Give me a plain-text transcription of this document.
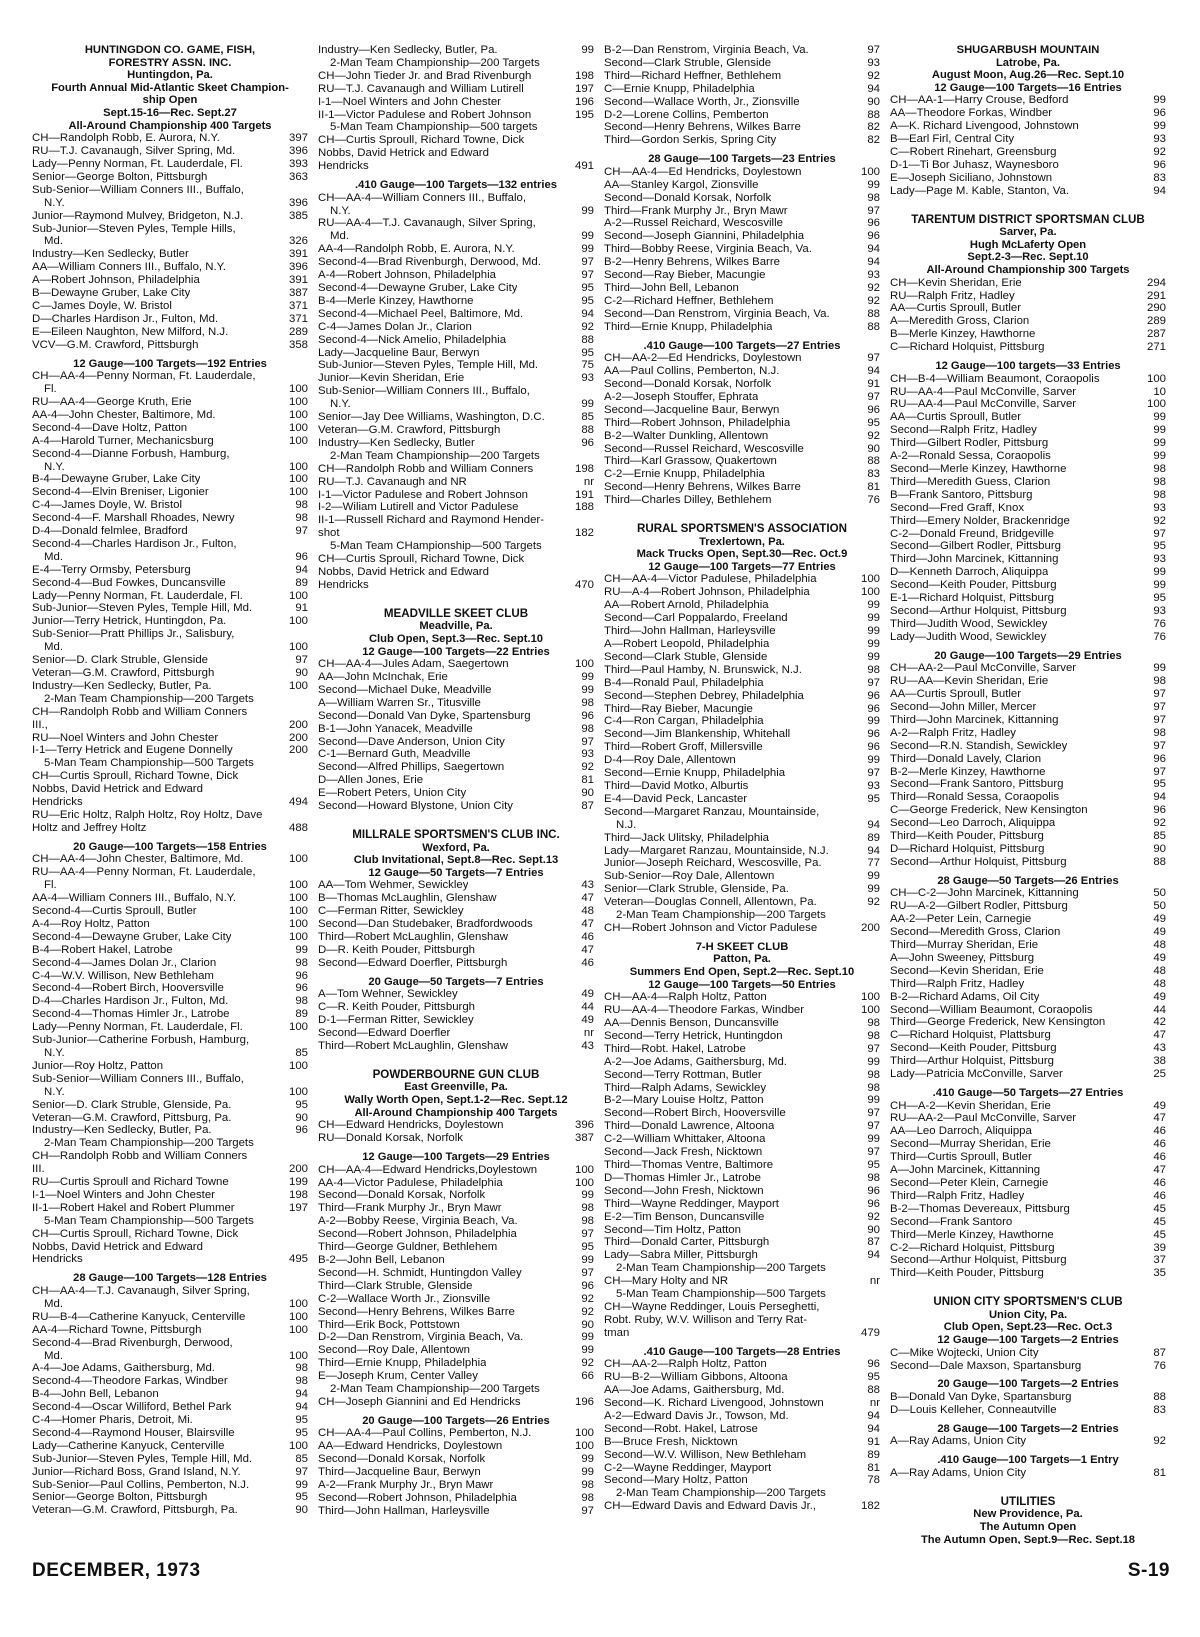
HUNTINGDON CO. GAME, FISH,
FORESTRY ASSN. INC.
Huntingdon, Pa.
Fourth Annual Mid-Atlantic Skeet Champion-
ship Open
Sept.15-16—Rec. Sept.27
All-Around Championship 400 Targets
CH—Randolph Robb, E. Aurora, N.Y.	397
RU—T.J. Cavanaugh, Silver Spring, Md.	396
Lady—Penny Norman, Ft. Lauderdale, Fl.	393
Senior—George Bolton, Pittsburgh	363
Sub-Senior—William Conners III., Buffalo,
N.Y.	396
Junior—Raymond Mulvey, Bridgeton, N.J.	385
Sub-Junior—Steven Pyles, Temple Hills,
Md.	326
Industry—Ken Sedlecky, Butler	391
AA—William Conners III., Buffalo, N.Y.	396
A—Robert Johnson, Philadelphia	391
B—Dewayne Gruber, Lake City	387
C—James Doyle, W. Bristol	371
D—Charles Hardison Jr., Fulton, Md.	371
E—Eileen Naughton, New Milford, N.J.	289
VCV—G.M. Crawford, Pittsburgh	358
12 Gauge—100 Targets—192 Entries
CH—AA-4—Penny Norman, Ft. Lauderdale,
Fl.	100
RU—AA-4—George Kruth, Erie	100
AA-4—John Chester, Baltimore, Md.	100
Second-4—Dave Holtz, Patton	100
A-4—Harold Turner, Mechanicsburg	100
Second-4—Dianne Forbush, Hamburg,
N.Y.	100
B-4—Dewayne Gruber, Lake City	100
Second-4—Elvin Breniser, Ligonier	100
C-4—James Doyle, W. Bristol	98
Second-4—F. Marshall Rhoades, Newry	98
D-4—Donald felmlee, Bradford	97
Second-4—Charles Hardison Jr., Fulton,
Md.	96
E-4—Terry Ormsby, Petersburg	94
Second-4—Bud Fowkes, Duncansville	89
Lady—Penny Norman, Ft. Lauderdale, Fl.	100
Sub-Junior—Steven Pyles, Temple Hill, Md.	91
Junior—Terry Hetrick, Huntingdon, Pa.	100
Sub-Senior—Pratt Phillips Jr., Salisbury,
Md.	100
Senior—D. Clark Struble, Glenside	97
Veteran—G.M. Crawford, Pittsburgh	90
Industry—Ken Sedlecky, Butler, Pa.	100
2-Man Team Championship—200 Targets
CH—Randolph Robb and William Conners
III.,	200
RU—Noel Winters and John Chester	200
I-1—Terry Hetrick and Eugene Donnelly	200
5-Man Team Championship—500 Targets
CH—Curtis Sproull, Richard Towne, Dick
Nobbs, David Hetrick and Edward
Hendricks	494
RU—Eric Holtz, Ralph Holtz, Roy Holtz, Dave
Holtz and Jeffrey Holtz	488
20 Gauge—100 Targets—158 Entries
CH—AA-4—John Chester, Baltimore, Md.	100
RU—AA-4—Penny Norman, Ft. Lauderdale,
Fl.	100
AA-4—William Conners III., Buffalo, N.Y.	100
Second-4—Curtis Sproull, Butler	100
A-4—Roy Holtz, Patton	100
Second-4—Dewayne Gruber, Lake City	100
B-4—Robert Hakel, Latrobe	99
Second-4—James Dolan Jr., Clarion	98
C-4—W.V. Willison, New Bethleham	96
Second-4—Robert Birch, Hooversville	96
D-4—Charles Hardison Jr., Fulton, Md.	98
Second-4—Thomas Himler Jr., Latrobe	89
Lady—Penny Norman, Ft. Lauderdale, Fl.	100
Sub-Junior—Catherine Forbush, Hamburg,
N.Y.	85
Junior—Roy Holtz, Patton	100
Sub-Senior—William Conners III., Buffalo,
N.Y.	100
Senior—D. Clark Struble, Glenside, Pa.	95
Veteran—G.M. Crawford, Pittsburg, Pa.	90
Industry—Ken Sedlecky, Butler, Pa.	96
2-Man Team Championship—200 Targets
CH—Randolph Robb and William Conners
III.	200
RU—Curtis Sproull and Richard Towne	199
I-1—Noel Winters and John Chester	198
II-1—Robert Hakel and Robert Plummer	197
5-Man Team Championship—500 Targets
CH—Curtis Sproull, Richard Towne, Dick
Nobbs, David Hetrick and Edward
Hendricks	495
28 Gauge—100 Targets—128 Entries
CH—AA-4—T.J. Cavanaugh, Silver Spring,
Md.	100
RU—B-4—Catherine Kanyuck, Centerville	100
AA-4—Richard Towne, Pittsburgh	100
Second-4—Brad Rivenburgh, Derwood,
Md.	100
A-4—Joe Adams, Gaithersburg, Md.	98
Second-4—Theodore Farkas, Windber	98
B-4—John Bell, Lebanon	94
Second-4—Oscar Williford, Bethel Park	94
C-4—Homer Pharis, Detroit, Mi.	95
Second-4—Raymond Houser, Blairsville	95
Lady—Catherine Kanyuck, Centerville	100
Sub-Junior—Steven Pyles, Temple Hill, Md.	85
Junior—Richard Boss, Grand Island, N.Y.	97
Sub-Senior—Paul Collins, Pemberton, N.J.	99
Senior—George Bolton, Pittsburgh	95
Veteran—G.M. Crawford, Pittsburgh, Pa.	90
Industry—Ken Sedlecky, Butler, Pa.	99
2-Man Team Championship—200 Targets
CH—John Tieder Jr. and Brad Rivenburgh	198
RU—T.J. Cavanaugh and William Lutirell	197
I-1—Noel Winters and John Chester	196
II-1—Victor Padulese and Robert Johnson	195
5-Man Team Championship—500 targets
CH—Curtis Sproull, Richard Towne, Dick
Nobbs, David Hetrick and Edward
Hendricks	491
.410 Gauge—100 Targets—132 entries
CH—AA-4—William Conners III., Buffalo,
N.Y.	99
RU—AA-4—T.J. Cavanaugh, Silver Spring,
Md.	99
AA-4—Randolph Robb, E. Aurora, N.Y.	99
Second-4—Brad Rivenburgh, Derwood, Md.	97
A-4—Robert Johnson, Philadelphia	97
Second-4—Dewayne Gruber, Lake City	95
B-4—Merle Kinzey, Hawthorne	95
Second-4—Michael Peel, Baltimore, Md.	94
C-4—James Dolan Jr., Clarion	92
Second-4—Nick Amelio, Philadelphia	88
Lady—Jacqueline Baur, Berwyn	95
Sub-Junior—Steven Pyles, Temple Hill, Md.	75
Junior—Kevin Sheridan, Erie	93
Sub-Senior—William Conners III., Buffalo,
N.Y.	99
Senior—Jay Dee Williams, Washington, D.C.	85
Veteran—G.M. Crawford, Pittsburgh	88
Industry—Ken Sedlecky, Butler	96
2-Man Team Championship—200 Targets
CH—Randolph Robb and William Conners	198
RU—T.J. Cavanaugh and NR	nr
I-1—Victor Padulese and Robert Johnson	191
I-2—Wiliam Lutirell and Victor Padulese	188
II-1—Russell Richard and Raymond Hender-
shot	182
5-Man Team CHampionship—500 Targets
CH—Curtis Sproull, Richard Towne, Dick
Nobbs, David Hetrick and Edward
Hendricks	470
MEADVILLE SKEET CLUB
Meadville, Pa.
Club Open, Sept.3—Rec. Sept.10
12 Gauge—100 Targets—22 Entries
CH—AA-4—Jules Adam, Saegertown	100
AA—John McInchak, Erie	99
Second—Michael Duke, Meadville	99
A—William Warren Sr., Titusville	98
Second—Donald Van Dyke, Spartensburg	96
B-1—John Yanacek, Meadville	98
Second—Dave Anderson, Union City	97
C-1—Bernard Guth, Meadville	93
Second—Alfred Phillips, Saegertown	92
D—Allen Jones, Erie	81
E—Robert Peters, Union City	90
Second—Howard Blystone, Union City	87
MILLRALE SPORTSMEN'S CLUB INC.
Wexford, Pa.
Club Invitational, Sept.8—Rec. Sept.13
12 Gauge—50 Targets—7 Entries
AA—Tom Wehmer, Sewickley	43
B—Thomas McLaughlin, Glenshaw	47
C—Ferman Ritter, Sewickley	48
Second—Dan Studebaker, Bradfordwoods	47
Third—Robert McLaughlin, Glenshaw	46
D—R. Keith Pouder, Pittsburgh	47
Second—Edward Doerfler, Pittsburgh	46
20 Gauge—50 Targets—7 Entries
A—Tom Wehner, Sewickley	49
C—R. Keith Pouder, Pittsburgh	44
D-1—Ferman Ritter, Sewickley	49
Second—Edward Doerfler	nr
Third—Robert McLaughlin, Glenshaw	43
POWDERBOURNE GUN CLUB
East Greenville, Pa.
Wally Worth Open, Sept.1-2—Rec. Sept.12
All-Around Championship 400 Targets
CH—Edward Hendricks, Doylestown	396
RU—Donald Korsak, Norfolk	387
12 Gauge—100 Targets—29 Entries
CH—AA-4—Edward Hendricks,Doylestown	100
AA-4—Victor Padulese, Philadelphia	100
Second—Donald Korsak, Norfolk	99
Third—Frank Murphy Jr., Bryn Mawr	98
A-2—Bobby Reese, Virginia Beach, Va.	98
Second—Robert Johnson, Philadelphia	97
Third—George Guldner, Bethlehem	95
B-2—John Bell, Lebanon	99
Second—H. Schmidt, Huntingdon Valley	97
Third—Clark Struble, Glenside	96
C-2—Wallace Worth Jr., Zionsville	92
Second—Henry Behrens, Wilkes Barre	92
Third—Erik Bock, Pottstown	90
D-2—Dan Renstrom, Virginia Beach, Va.	99
Second—Roy Dale, Allentown	99
Third—Ernie Knupp, Philadelphia	92
E—Joseph Krum, Center Valley	66
2-Man Team Championship—200 Targets
CH—Joseph Giannini and Ed Hendricks	196
20 Gauge—100 Targets—26 Entries
CH—AA-4—Paul Collins, Pemberton, N.J.	100
AA—Edward Hendricks, Doylestown	100
Second—Donald Korsak, Norfolk	99
Third—Jacqueline Baur, Berwyn	99
A-2—Frank Murphy Jr., Bryn Mawr	98
Second—Robert Johnson, Philadelphia	98
Third—John Hallman, Harleysville	97
B-2—Dan Renstrom, Virginia Beach, Va.	97
Second—Clark Struble, Glenside	93
Third—Richard Heffner, Bethlehem	92
C—Ernie Knupp, Philadelphia	94
Second—Wallace Worth, Jr., Zionsville	90
D-2—Lorene Collins, Pemberton	88
Second—Henry Behrens, Wilkes Barre	82
Third—Gordon Serkis, Spring City	82
28 Gauge—100 Targets—23 Entries
CH—AA-4—Ed Hendricks, Doylestown	100
AA—Stanley Kargol, Zionsville	99
Second—Donald Korsak, Norfolk	98
Third—Frank Murphy Jr., Bryn Mawr	97
A-2—Russel Reichard, Wescosville	96
Second—Joseph Giannini, Philadelphia	96
Third—Bobby Reese, Virginia Beach, Va.	94
B-2—Henry Behrens, Wilkes Barre	94
Second—Ray Bieber, Macungie	93
Third—John Bell, Lebanon	92
C-2—Richard Heffner, Bethlehem	92
Second—Dan Renstrom, Virginia Beach, Va.	88
Third—Ernie Knupp, Philadelphia	88
.410 Gauge—100 Targets—27 Entries
CH—AA-2—Ed Hendricks, Doylestown	97
AA—Paul Collins, Pemberton, N.J.	94
Second—Donald Korsak, Norfolk	91
A-2—Joseph Stouffer, Ephrata	97
Second—Jacqueline Baur, Berwyn	96
Third—Robert Johnson, Philadelphia	95
B-2—Walter Dunkling, Allentown	92
Second—Russel Reichard, Wescosville	90
Third—Karl Grassow, Quakertown	88
C-2—Ernie Knupp, Philadelphia	83
Second—Henry Behrens, Wilkes Barre	81
Third—Charles Dilley, Bethlehem	76
RURAL SPORTSMEN'S ASSOCIATION
Trexlertown, Pa.
Mack Trucks Open, Sept.30—Rec. Oct.9
12 Gauge—100 Targets—77 Entries
CH—AA-4—Victor Padulese, Philadelphia	100
RU—A-4—Robert Johnson, Philadelphia	100
AA—Robert Arnold, Philadelphia	99
Second—Carl Poppalardo, Freeland	99
Third—John Hallman, Harleysville	99
A—Robert Leopold, Philadelphia	99
Second—Clark Stuble, Glenside	99
Third—Paul Hamby, N. Brunswick, N.J.	98
B-4—Ronald Paul, Philadelphia	97
Second—Stephen Debrey, Philadelphia	96
Third—Ray Bieber, Macungie	96
C-4—Ron Cargan, Philadelphia	99
Second—Jim Blankenship, Whitehall	96
Third—Robert Groff, Millersville	96
D-4—Roy Dale, Allentown	99
Second—Ernie Knupp, Philadelphia	97
Third—David Motko, Alburtis	93
E-4—David Peck, Lancaster	95
Second—Margaret Ranzau, Mountainside,
N.J.	94
Third—Jack Ulitsky, Philadelphia	89
Lady—Margaret Ranzau, Mountainside, N.J.	94
Junior—Joseph Reichard, Wescosville, Pa.	77
Sub-Senior—Roy Dale, Allentown	99
Senior—Clark Struble, Glenside, Pa.	99
Veteran—Douglas Connell, Allentown, Pa.	92
2-Man Team Championship—200 Targets
CH—Robert Johnson and Victor Padulese	200
7-H SKEET CLUB
Patton, Pa.
Summers End Open, Sept.2—Rec. Sept.10
12 Gauge—100 Targets—50 Entries
CH—AA-4—Ralph Holtz, Patton	100
RU—AA-4—Theodore Farkas, Windber	100
AA—Dennis Benson, Duncansville	98
Second—Terry Hetrick, Huntingdon	98
Third—Robt. Hakel, Latrobe	97
A-2—Joe Adams, Gaithersburg, Md.	99
Second—Terry Rottman, Butler	98
Third—Ralph Adams, Sewickley	98
B-2—Mary Louise Holtz, Patton	99
Second—Robert Birch, Hooversville	97
Third—Donald Lawrence, Altoona	97
C-2—William Whittaker, Altoona	99
Second—Jack Fresh, Nicktown	97
Third—Thomas Ventre, Baltimore	95
D—Thomas Himler Jr., Latrobe	98
Second—John Fresh, Nicktown	96
Third—Wayne Reddinger, Mayport	96
E-2—Tim Benson, Duncansville	92
Second—Tim Holtz, Patton	90
Third—Donald Carter, Pittsburgh	87
Lady—Sabra Miller, Pittsburgh	94
2-Man Team Championship—200 Targets
CH—Mary Holty and NR	nr
5-Man Team Championship—500 Targets
CH—Wayne Reddinger, Louis Perseghetti,
Robt. Ruby, W.V. Willison and Terry Rat-
tman	479
.410 Gauge—100 Targets—28 Entries
CH—AA-2—Ralph Holtz, Patton	96
RU—B-2—William Gibbons, Altoona	95
AA—Joe Adams, Gaithersburg, Md.	88
Second—K. Richard Livengood, Johnstown	nr
A-2—Edward Davis Jr., Towson, Md.	94
Second—Robt. Hakel, Latrose	94
B—Bruce Fresh, Nicktown	91
Second—W.V. Willison, New Bethleham	89
C-2—Wayne Reddinger, Mayport	81
Second—Mary Holtz, Patton	78
2-Man Team Championship—200 Targets
CH—Edward Davis and Edward Davis Jr.,	182
SHUGARBUSH MOUNTAIN
Latrobe, Pa.
August Moon, Aug.26—Rec. Sept.10
12 Gauge—100 Targets—16 Entries
CH—AA-1—Harry Crouse, Bedford	99
AA—Theodore Forkas, Windber	96
A—K. Richard Livengood, Johnstown	99
B—Earl Firl, Central City	93
C—Robert Rinehart, Greensburg	92
D-1—Ti Bor Juhasz, Waynesboro	96
E—Joseph Siciliano, Johnstown	83
Lady—Page M. Kable, Stanton, Va.	94
TARENTUM DISTRICT SPORTSMAN CLUB
Sarver, Pa.
Hugh McLaferty Open
Sept.2-3—Rec. Sept.10
All-Around Championship 300 Targets
CH—Kevin Sheridan, Erie	294
RU—Ralph Fritz, Hadley	291
AA—Curtis Sproull, Butler	290
A—Meredith Gross, Clarion	289
B—Merle Kinzey, Hawthorne	287
C—Richard Holquist, Pittsburg	271
12 Gauge—100 targets—33 Entries
CH—B-4—William Beaumont, Coraopolis	100
RU—AA-4—Paul McConville, Sarver	10
RU—AA-4—Paul McConville, Sarver	100
AA—Curtis Sproull, Butler	99
Second—Ralph Fritz, Hadley	99
Third—Gilbert Rodler, Pittsburg	99
A-2—Ronald Sessa, Coraopolis	99
Second—Merle Kinzey, Hawthorne	98
Third—Meredith Guess, Clarion	98
B—Frank Santoro, Pittsburg	98
Second—Fred Graff, Knox	93
Third—Emery Nolder, Brackenridge	92
C-2—Donald Freund, Bridgeville	97
Second—Gilbert Rodler, Pittsburg	95
Third—John Marcinek, Kittanning	93
D—Kenneth Darroch, Aliquippa	99
Second—Keith Pouder, Pittsburg	99
E-1—Richard Holquist, Pittsburg	95
Second—Arthur Holquist, Pittsburg	93
Third—Judith Wood, Sewickley	76
Lady—Judith Wood, Sewickley	76
20 Gauge—100 Targets—29 Entries
CH—AA-2—Paul McConville, Sarver	99
RU—AA—Kevin Sheridan, Erie	98
AA—Curtis Sproull, Butler	97
Second—John Miller, Mercer	97
Third—John Marcinek, Kittanning	97
A-2—Ralph Fritz, Hadley	98
Second—R.N. Standish, Sewickley	97
Third—Donald Lavely, Clarion	96
B-2—Merle Kinzey, Hawthorne	97
Second—Frank Santoro, Pittsburg	95
Third—Ronald Sessa, Coraopolis	94
C—George Frederick, New Kensington	96
Second—Leo Darroch, Aliquippa	92
Third—Keith Pouder, Pittsburg	85
D—Richard Holquist, Pittsburg	90
Second—Arthur Holquist, Pittsburg	88
28 Gauge—50 Targets—26 Entries
CH—C-2—John Marcinek, Kittanning	50
RU—A-2—Gilbert Rodler, Pittsburg	50
AA-2—Peter Lein, Carnegie	49
Second—Meredith Gross, Clarion	49
Third—Murray Sheridan, Erie	48
A—John Sweeney, Pittsburg	49
Second—Kevin Sheridan, Erie	48
Third—Ralph Fritz, Hadley	48
B-2—Richard Adams, Oil City	49
Second—William Beaumont, Coraopolis	44
Third—George Frederick, New Kensington	42
C—Richard Holquist, Plattsburg	47
Second—Keith Pouder, Pittsburg	43
Third—Arthur Holquist, Pittsburg	38
Lady—Patricia McConville, Sarver	25
.410 Gauge—50 Targets—27 Entries
CH—A-2—Kevin Sheridan, Erie	49
RU—AA-2—Paul McConville, Sarver	47
AA—Leo Darroch, Aliquippa	46
Second—Murray Sheridan, Erie	46
Third—Curtis Sproull, Butler	46
A—John Marcinek, Kittanning	47
Second—Peter Klein, Carnegie	46
Third—Ralph Fritz, Hadley	46
B-2—Thomas Devereaux, Pittsburg	45
Second—Frank Santoro	45
Third—Merle Kinzey, Hawthorne	45
C-2—Richard Holquist, Pittsburg	39
Second—Arthur Holquist, Pittsburg	37
Third—Keith Pouder, Pittsburg	35
UNION CITY SPORTSMEN'S CLUB
Union City, Pa.
Club Open, Sept.23—Rec. Oct.3
12 Gauge—100 Targets—2 Entries
C—Mike Wojtecki, Union City	87
Second—Dale Maxson, Spartansburg	76
20 Gauge—100 Targets—2 Entries
B—Donald Van Dyke, Spartansburg	88
D—Louis Kelleher, Conneautville	83
28 Gauge—100 Targets—2 Entries
A—Ray Adams, Union City	92
.410 Gauge—100 Targets—1 Entry
A—Ray Adams, Union City	81
UTILITIES
New Providence, Pa.
The Autumn Open
The Autumn Open, Sept.9—Rec. Sept.18
DECEMBER, 1973	S-19
